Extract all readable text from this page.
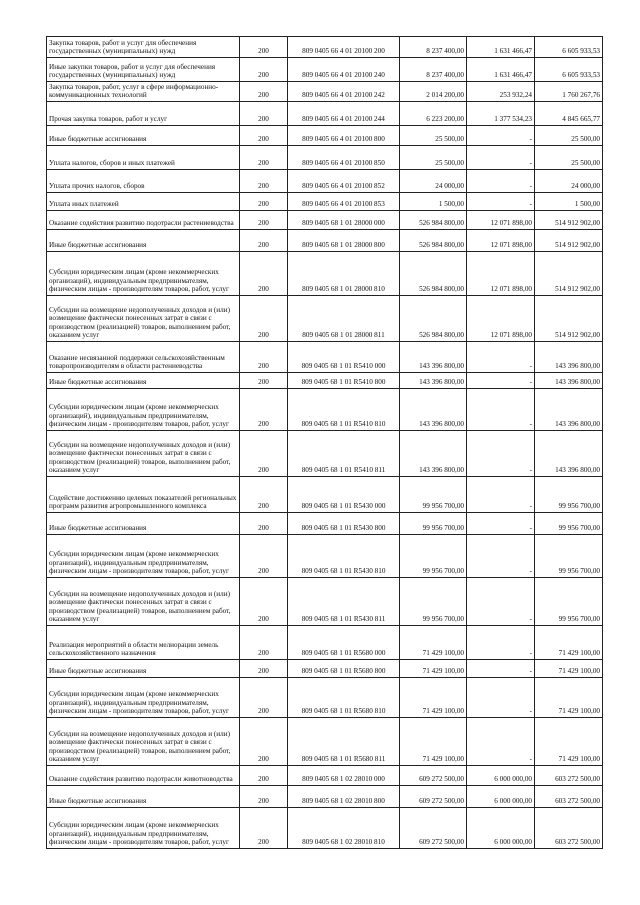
Закупка товаров, работ и услуг для обеспечения государственных (муниципальных) нужд	200	809 0405 66 4 01 20100 200	8 237 400,00	1 631 466,47	6 605 933,53
Иные закупки товаров, работ и услуг для обеспечения государственных (муниципальных) нужд	200	809 0405 66 4 01 20100 240	8 237 400,00	1 631 466,47	6 605 933,53
Закупка товаров, работ, услуг в сфере информационно-коммуникационных технологий	200	809 0405 66 4 01 20100 242	2 014 200,00	253 932,24	1 760 267,76
Прочая закупка товаров, работ и услуг	200	809 0405 66 4 01 20100 244	6 223 200,00	1 377 534,23	4 845 665,77
Иные бюджетные ассигнования	200	809 0405 66 4 01 20100 800	25 500,00	-	25 500,00
Уплата налогов, сборов и иных платежей	200	809 0405 66 4 01 20100 850	25 500,00	-	25 500,00
Уплата прочих налогов, сборов	200	809 0405 66 4 01 20100 852	24 000,00	-	24 000,00
Уплата иных платежей	200	809 0405 66 4 01 20100 853	1 500,00	-	1 500,00
Оказание содействия развитию подотрасли растениеводства	200	809 0405 68 1 01 28000 000	526 984 800,00	12 071 898,00	514 912 902,00
Иные бюджетные ассигнования	200	809 0405 68 1 01 28000 800	526 984 800,00	12 071 898,00	514 912 902,00
Субсидии юридическим лицам (кроме некоммерческих организаций), индивидуальным предпринимателям, физическим лицам - производителям товаров, работ, услуг	200	809 0405 68 1 01 28000 810	526 984 800,00	12 071 898,00	514 912 902,00
Субсидии на возмещение недополученных доходов и (или) возмещение фактически понесенных затрат в связи с производством (реализацией) товаров, выполнением работ, оказанием услуг	200	809 0405 68 1 01 28000 811	526 984 800,00	12 071 898,00	514 912 902,00
Оказание несвязанной поддержки сельскохозяйственным товаропроизводителям в области растениеводства	200	809 0405 68 1 01 R5410 000	143 396 800,00	-	143 396 800,00
Иные бюджетные ассигнования	200	809 0405 68 1 01 R5410 800	143 396 800,00	-	143 396 800,00
Субсидии юридическим лицам (кроме некоммерческих организаций), индивидуальным предпринимателям, физическим лицам - производителям товаров, работ, услуг	200	809 0405 68 1 01 R5410 810	143 396 800,00	-	143 396 800,00
Субсидии на возмещение недополученных доходов и (или) возмещение фактически понесенных затрат в связи с производством (реализацией) товаров, выполнением работ, оказанием услуг	200	809 0405 68 1 01 R5410 811	143 396 800,00	-	143 396 800,00
Содействие достижению целевых показателей региональных программ развития агропромышленного комплекса	200	809 0405 68 1 01 R5430 000	99 956 700,00	-	99 956 700,00
Иные бюджетные ассигнования	200	809 0405 68 1 01 R5430 800	99 956 700,00	-	99 956 700,00
Субсидии юридическим лицам (кроме некоммерческих организаций), индивидуальным предпринимателям, физическим лицам - производителям товаров, работ, услуг	200	809 0405 68 1 01 R5430 810	99 956 700,00	-	99 956 700,00
Субсидии на возмещение недополученных доходов и (или) возмещение фактически понесенных затрат в связи с производством (реализацией) товаров, выполнением работ, оказанием услуг	200	809 0405 68 1 01 R5430 811	99 956 700,00	-	99 956 700,00
Реализация мероприятий в области мелиорации земель сельскохозяйственного назначения	200	809 0405 68 1 01 R5680 000	71 429 100,00	-	71 429 100,00
Иные бюджетные ассигнования	200	809 0405 68 1 01 R5680 800	71 429 100,00	-	71 429 100,00
Субсидии юридическим лицам (кроме некоммерческих организаций), индивидуальным предпринимателям, физическим лицам - производителям товаров, работ, услуг	200	809 0405 68 1 01 R5680 810	71 429 100,00	-	71 429 100,00
Субсидии на возмещение недополученных доходов и (или) возмещение фактически понесенных затрат в связи с производством (реализацией) товаров, выполнением работ, оказанием услуг	200	809 0405 68 1 01 R5680 811	71 429 100,00	-	71 429 100,00
Оказание содействия развитию подотрасли животноводства	200	809 0405 68 1 02 28010 000	609 272 500,00	6 000 000,00	603 272 500,00
Иные бюджетные ассигнования	200	809 0405 68 1 02 28010 800	609 272 500,00	6 000 000,00	603 272 500,00
Субсидии юридическим лицам (кроме некоммерческих организаций), индивидуальным предпринимателям, физическим лицам - производителям товаров, работ, услуг	200	809 0405 68 1 02 28010 810	609 272 500,00	6 000 000,00	603 272 500,00
